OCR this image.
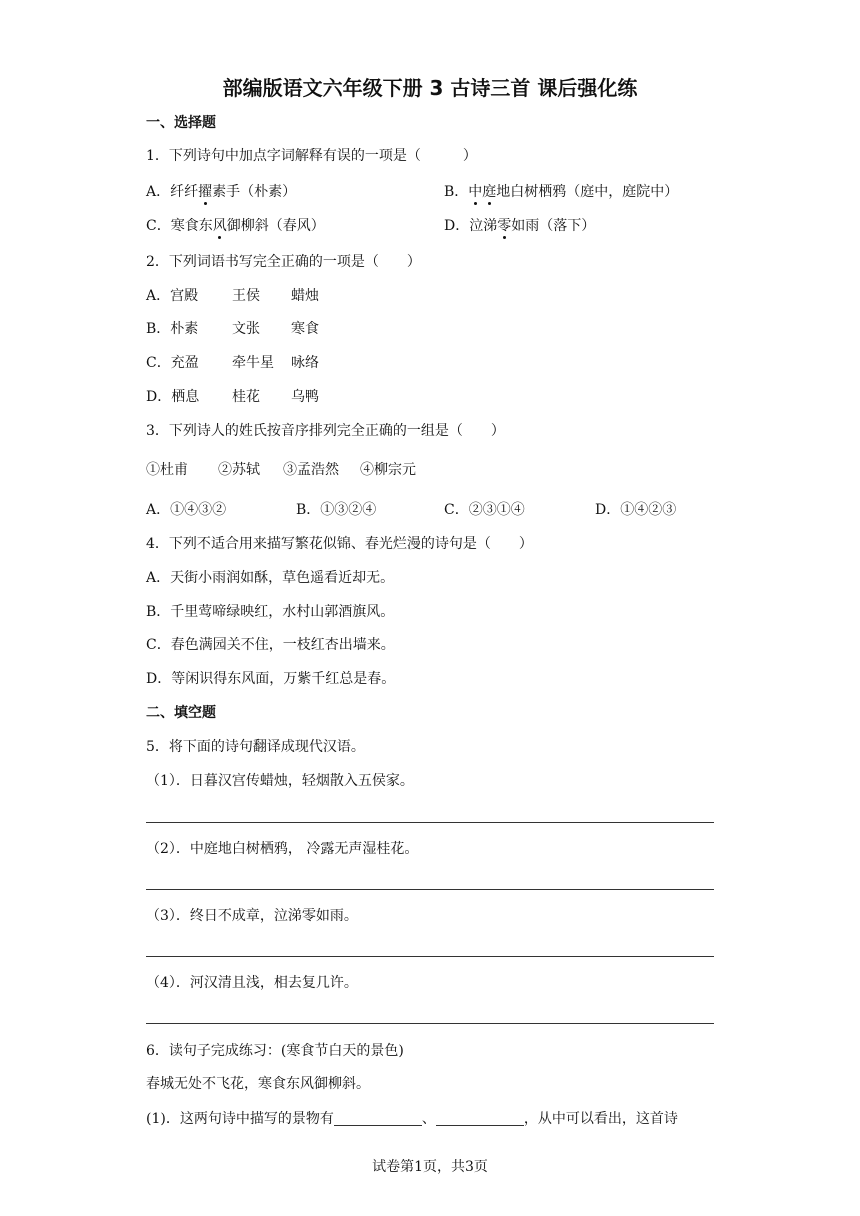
部编版语文六年级下册 3 古诗三首 课后强化练
一、选择题
1．下列诗句中加点字词解释有误的一项是（　　　）
A．纤纤擢素手（朴素）	B．中庭地白树栖鸦（庭中，庭院中）
C．寒食东风御柳斜（春风）	D．泣涕零如雨（落下）
2．下列词语书写完全正确的一项是（　　）
A．宫殿 王侯 蜡烛
B．朴素 文张 寒食
C．充盈 牵牛星 咏络
D．栖息 桂花 乌鸭
3．下列诗人的姓氏按音序排列完全正确的一组是（　　）
①杜甫 ②苏轼 ③孟浩然 ④柳宗元
A．①④③②	B．①③②④	C．②③①④	D．①④②③
4．下列不适合用来描写繁花似锦、春光烂漫的诗句是（　　）
A．天街小雨润如酥，草色遥看近却无。
B．千里莺啼绿映红，水村山郭酒旗风。
C．春色满园关不住，一枝红杏出墙来。
D．等闲识得东风面，万紫千红总是春。
二、填空题
5．将下面的诗句翻译成现代汉语。
（1）．日暮汉宫传蜡烛，轻烟散入五侯家。
（2）．中庭地白树栖鸦， 冷露无声湿桂花。
（3）．终日不成章，泣涕零如雨。
（4）．河汉清且浅，相去复几许。
6．读句子完成练习：(寒食节白天的景色)
春城无处不飞花，寒食东风御柳斜。
(1)．这两句诗中描写的景物有	、	，从中可以看出，这首诗
试卷第1页，共3页
